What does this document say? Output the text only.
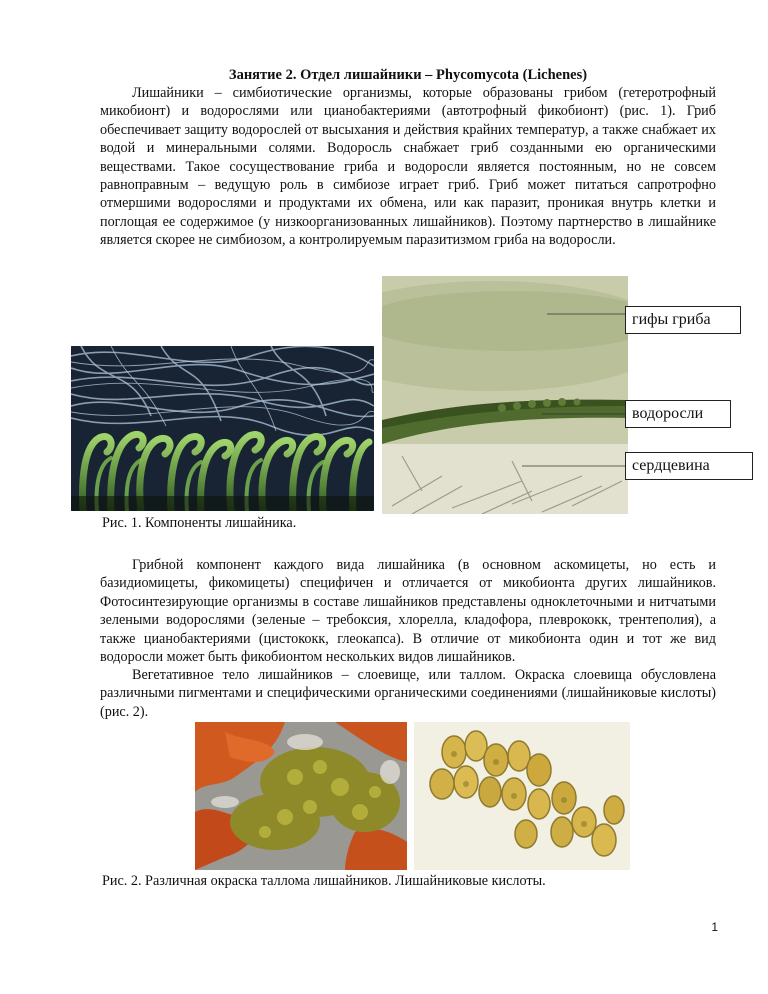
Занятие 2. Отдел лишайники – Phycomycota (Lichenes)

Лишайники – симбиотические организмы, которые образованы грибом (гетеротрофный микобионт) и водорослями или цианобактериями (автотрофный фикобионт) (рис. 1). Гриб обеспечивает защиту водорослей от высыхания и действия крайних температур, а также снабжает их водой и минеральными солями. Водоросль снабжает гриб созданными ею органическими веществами. Такое сосуществование гриба и водоросли является постоянным, но не совсем равноправным – ведущую роль в симбиозе играет гриб. Гриб может питаться сапротрофно отмершими водорослями и продуктами их обмена, или как паразит, проникая внутрь клетки и поглощая ее содержимое (у низкоорганизованных лишайников). Поэтому партнерство в лишайнике является скорее не симбиозом, а контролируемым паразитизмом гриба на водоросли.

гифы гриба
водоросли
сердцевина
Рис. 1. Компоненты лишайника.

Грибной компонент каждого вида лишайника (в основном аскомицеты, но есть и базидиомицеты, фикомицеты) специфичен и отличается от микобионта других лишайников. Фотосинтезирующие организмы в составе лишайников представлены одноклеточными и нитчатыми зелеными водорослями (зеленые – требоксия, хлорелла, кладофора, плеврококк, трентеполия), а также цианобактериями (цистококк, глеокапса). В отличие от микобионта один и тот же вид водоросли может быть фикобионтом нескольких видов лишайников.

Вегетативное тело лишайников – слоевище, или таллом. Окраска слоевища обусловлена различными пигментами и специфическими органическими соединениями (лишайниковые кислоты) (рис. 2).

Рис. 2. Различная окраска таллома лишайников. Лишайниковые кислоты.
1
